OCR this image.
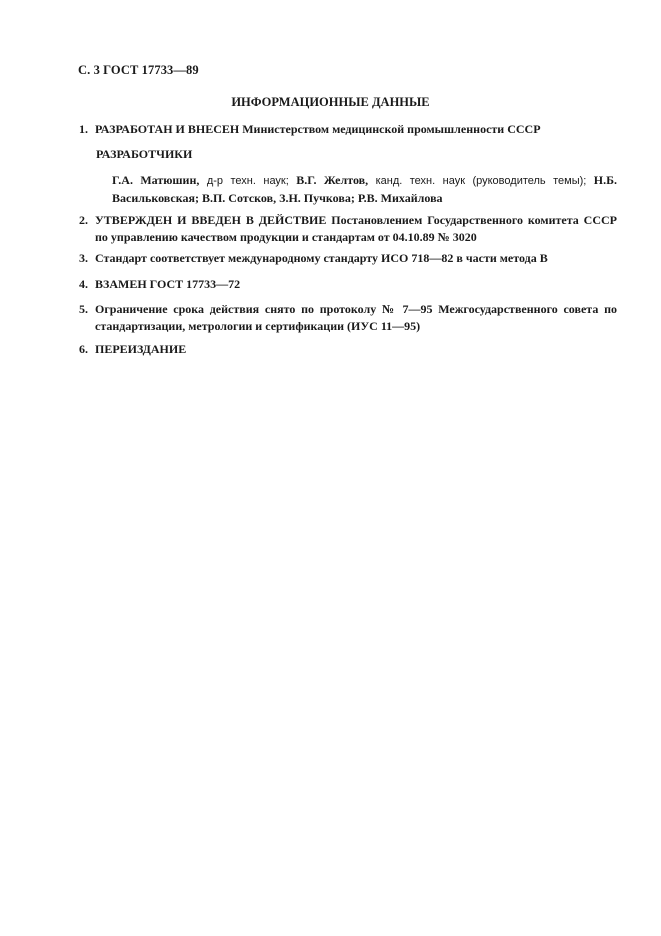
С. 3 ГОСТ 17733—89
ИНФОРМАЦИОННЫЕ ДАННЫЕ
1. РАЗРАБОТАН И ВНЕСЕН Министерством медицинской промышленности СССР
РАЗРАБОТЧИКИ
Г.А. Матюшин, д-р техн. наук; В.Г. Желтов, канд. техн. наук (руководитель темы); Н.Б. Васильковская; В.П. Сотсков, З.Н. Пучкова; Р.В. Михайлова
2. УТВЕРЖДЕН И ВВЕДЕН В ДЕЙСТВИЕ Постановлением Государственного комитета СССР по управлению качеством продукции и стандартам от 04.10.89 № 3020
3. Стандарт соответствует международному стандарту ИСО 718—82 в части метода В
4. ВЗАМЕН ГОСТ 17733—72
5. Ограничение срока действия снято по протоколу № 7—95 Межгосударственного совета по стандартизации, метрологии и сертификации (ИУС 11—95)
6. ПЕРЕИЗДАНИЕ
